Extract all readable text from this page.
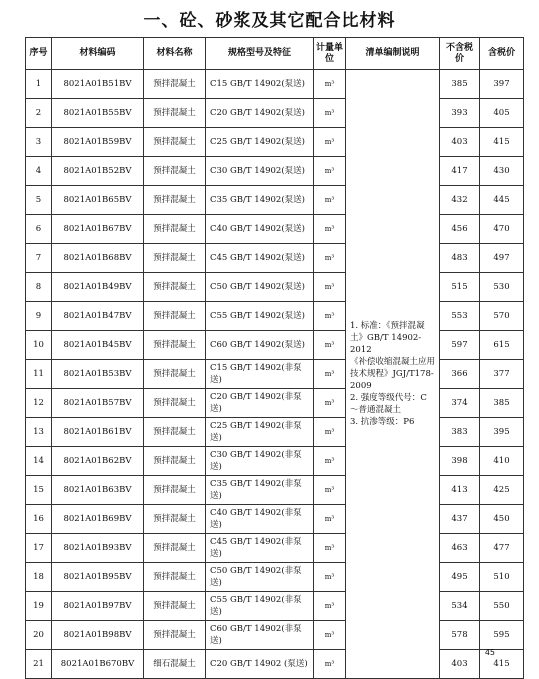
一、砼、砂浆及其它配合比材料
序号	材料编码	材料名称	规格型号及特征	计量单位	清单编制说明	不含税价	含税价
1	8021A01B51BV	预拌混凝土	C15 GB/T 14902(泵送)	m³	1. 标准：《预拌混凝土》GB/T 14902-2012
《补偿收缩混凝土应用技术规程》JGJ/T178-2009
2. 强度等级代号：C～普通混凝土
3. 抗渗等级：P6	385	397
2	8021A01B55BV	预拌混凝土	C20 GB/T 14902(泵送)	m³		393	405
3	8021A01B59BV	预拌混凝土	C25 GB/T 14902(泵送)	m³		403	415
4	8021A01B52BV	预拌混凝土	C30 GB/T 14902(泵送)	m³		417	430
5	8021A01B65BV	预拌混凝土	C35 GB/T 14902(泵送)	m³		432	445
6	8021A01B67BV	预拌混凝土	C40 GB/T 14902(泵送)	m³		456	470
7	8021A01B68BV	预拌混凝土	C45 GB/T 14902(泵送)	m³		483	497
8	8021A01B49BV	预拌混凝土	C50 GB/T 14902(泵送)	m³		515	530
9	8021A01B47BV	预拌混凝土	C55 GB/T 14902(泵送)	m³		553	570
10	8021A01B45BV	预拌混凝土	C60 GB/T 14902(泵送)	m³		597	615
11	8021A01B53BV	预拌混凝土	C15 GB/T 14902(非泵送)	m³		366	377
12	8021A01B57BV	预拌混凝土	C20 GB/T 14902(非泵送)	m³		374	385
13	8021A01B61BV	预拌混凝土	C25 GB/T 14902(非泵送)	m³		383	395
14	8021A01B62BV	预拌混凝土	C30 GB/T 14902(非泵送)	m³		398	410
15	8021A01B63BV	预拌混凝土	C35 GB/T 14902(非泵送)	m³		413	425
16	8021A01B69BV	预拌混凝土	C40 GB/T 14902(非泵送)	m³		437	450
17	8021A01B93BV	预拌混凝土	C45 GB/T 14902(非泵送)	m³		463	477
18	8021A01B95BV	预拌混凝土	C50 GB/T 14902(非泵送)	m³		495	510
19	8021A01B97BV	预拌混凝土	C55 GB/T 14902(非泵送)	m³		534	550
20	8021A01B98BV	预拌混凝土	C60 GB/T 14902(非泵送)	m³		578	595
21	8021A01B670BV	细石混凝土	C20 GB/T 14902 (泵送)	m³		403	415
45
